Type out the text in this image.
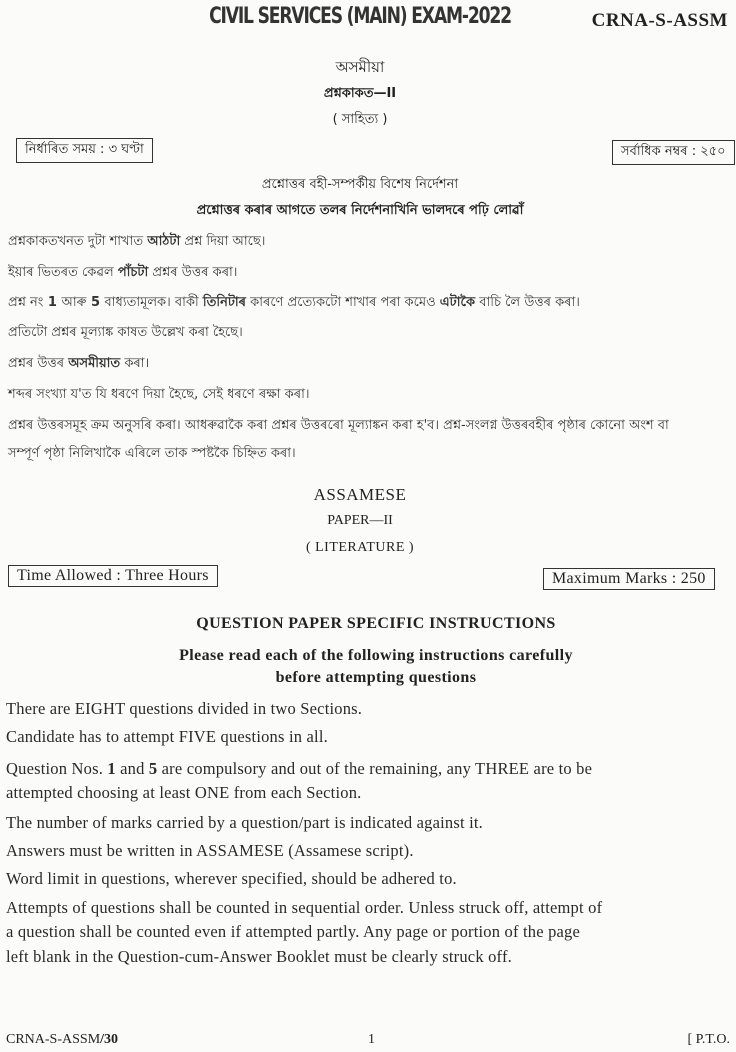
CIVIL SERVICES (MAIN) EXAM-2022	CRNA-S-ASSM
অসমীয়া
প্ৰশ্নকাকত—II
( সাহিত্য )
নিৰ্ধাৰিত সময় : ৩ ঘণ্টা	সৰ্বাধিক নম্বৰ : ২৫০
প্ৰশ্নোত্তৰ বহী-সম্পৰ্কীয় বিশেষ নিৰ্দেশনা
প্ৰশ্নোত্তৰ কৰাৰ আগতে তলৰ নিৰ্দেশনাখিনি ভালদৰে পঢ়ি লোৱাঁ
প্ৰশ্নকাকতখনত দুটা শাখাত আঠটা প্ৰশ্ন দিয়া আছে।
ইয়াৰ ভিতৰত কেৱল পাঁচটা প্ৰশ্নৰ উত্তৰ কৰা।
প্ৰশ্ন নং 1 আৰু 5 বাধ্যতামূলক। বাকী তিনিটাৰ কাৰণে প্ৰত্যেকটো শাখাৰ পৰা কমেও এটাকৈ বাচি লৈ উত্তৰ কৰা।
প্ৰতিটো প্ৰশ্নৰ মূল্যাঙ্ক কাষত উল্লেখ কৰা হৈছে।
প্ৰশ্নৰ উত্তৰ অসমীয়াত কৰা।
শব্দৰ সংখ্যা য'ত যি ধৰণে দিয়া হৈছে, সেই ধৰণে ৰক্ষা কৰা।
প্ৰশ্নৰ উত্তৰসমূহ ক্ৰম অনুসৰি কৰা। আধৰুৱাকৈ কৰা প্ৰশ্নৰ উত্তৰৰো মূল্যাঙ্কন কৰা হ'ব। প্ৰশ্ন-সংলগ্ন উত্তৰবহীৰ পৃষ্ঠাৰ কোনো অংশ বা
সম্পূৰ্ণ পৃষ্ঠা নিলিখাকৈ এৰিলে তাক স্পষ্টকৈ চিহ্নিত কৰা।
ASSAMESE
PAPER—II
( LITERATURE )
Time Allowed : Three Hours	Maximum Marks : 250
QUESTION PAPER SPECIFIC INSTRUCTIONS
Please read each of the following instructions carefully
before attempting questions
There are EIGHT questions divided in two Sections.
Candidate has to attempt FIVE questions in all.
Question Nos. 1 and 5 are compulsory and out of the remaining, any THREE are to be
attempted choosing at least ONE from each Section.
The number of marks carried by a question/part is indicated against it.
Answers must be written in ASSAMESE (Assamese script).
Word limit in questions, wherever specified, should be adhered to.
Attempts of questions shall be counted in sequential order. Unless struck off, attempt of
a question shall be counted even if attempted partly. Any page or portion of the page
left blank in the Question-cum-Answer Booklet must be clearly struck off.
CRNA-S-ASSM/30	1	[ P.T.O.
